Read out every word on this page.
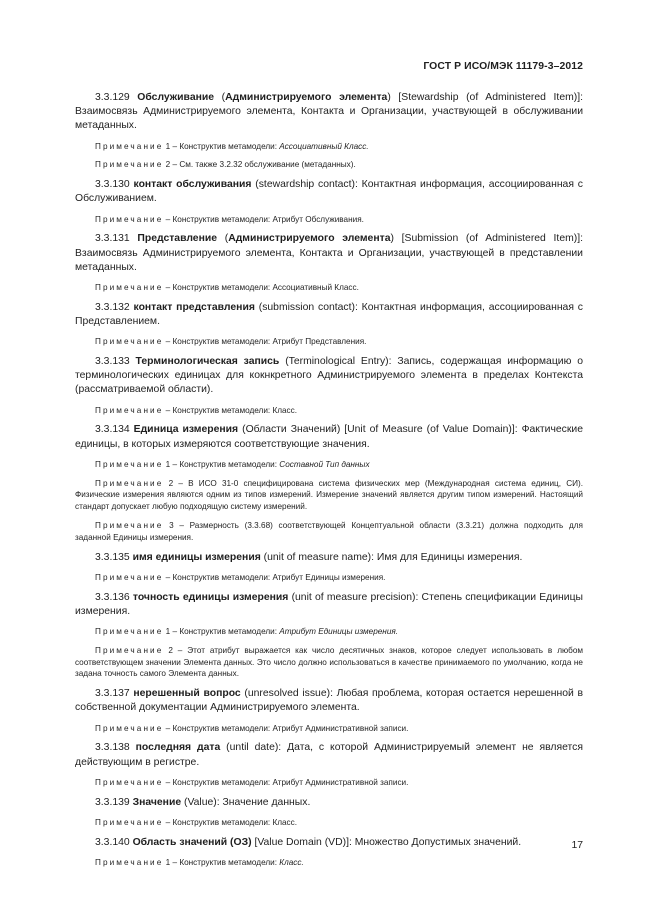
ГОСТ Р ИСО/МЭК 11179-3–2012

3.3.129 Обслуживание (Администрируемого элемента) [Stewardship (of Administered Item)]: Взаимосвязь Администрируемого элемента, Контакта и Организации, участвующей в обслуживании метаданных.

Примечание 1 – Конструктив метамодели: Ассоциативный Класс.

Примечание 2 – См. также 3.2.32 обслуживание (метаданных).

3.3.130 контакт обслуживания (stewardship contact): Контактная информация, ассоциированная с Обслуживанием.

Примечание – Конструктив метамодели: Атрибут Обслуживания.

3.3.131 Представление (Администрируемого элемента) [Submission (of Administered Item)]: Взаимосвязь Администрируемого элемента, Контакта и Организации, участвующей в представлении метаданных.

Примечание – Конструктив метамодели: Ассоциативный Класс.

3.3.132 контакт представления (submission contact): Контактная информация, ассоциированная с Представлением.

Примечание – Конструктив метамодели: Атрибут Представления.

3.3.133 Терминологическая запись (Terminological Entry): Запись, содержащая информацию о терминологических единицах для кокнкретного Администрируемого элемента в пределах Контекста (рассматриваемой области).

Примечание – Конструктив метамодели: Класс.

3.3.134 Единица измерения (Области Значений) [Unit of Measure (of Value Domain)]: Фактические единицы, в которых измеряются соответствующие значения.

Примечание 1 – Конструктив метамодели: Составной Тип данных

Примечание 2 – В ИСО 31-0 специфицирована система физических мер (Международная система единиц, СИ). Физические измерения являются одним из типов измерений. Измерение значений является другим типом измерений. Настоящий стандарт допускает любую подходящую систему измерений.

Примечание 3 – Размерность (3.3.68) соответствующей Концептуальной области (3.3.21) должна подходить для заданной Единицы измерения.

3.3.135 имя единицы измерения (unit of measure name): Имя для Единицы измерения.

Примечание – Конструктив метамодели: Атрибут Единицы измерения.

3.3.136 точность единицы измерения (unit of measure precision): Степень спецификации Единицы измерения.

Примечание 1 – Конструктив метамодели: Атрибут Единицы измерения.

Примечание 2 – Этот атрибут выражается как число десятичных знаков, которое следует использовать в любом соответствующем значении Элемента данных. Это число должно использоваться в качестве принимаемого по умолчанию, когда не задана точность самого Элемента данных.

3.3.137 нерешенный вопрос (unresolved issue): Любая проблема, которая остается нерешенной в собственной документации Администрируемого элемента.

Примечание – Конструктив метамодели: Атрибут Административной записи.

3.3.138 последняя дата (until date): Дата, с которой Администрируемый элемент не является действующим в регистре.

Примечание – Конструктив метамодели: Атрибут Административной записи.

3.3.139 Значение (Value): Значение данных.

Примечание – Конструктив метамодели: Класс.

3.3.140 Область значений (ОЗ) [Value Domain (VD)]: Множество Допустимых значений.

Примечание 1 – Конструктив метамодели: Класс.

17
